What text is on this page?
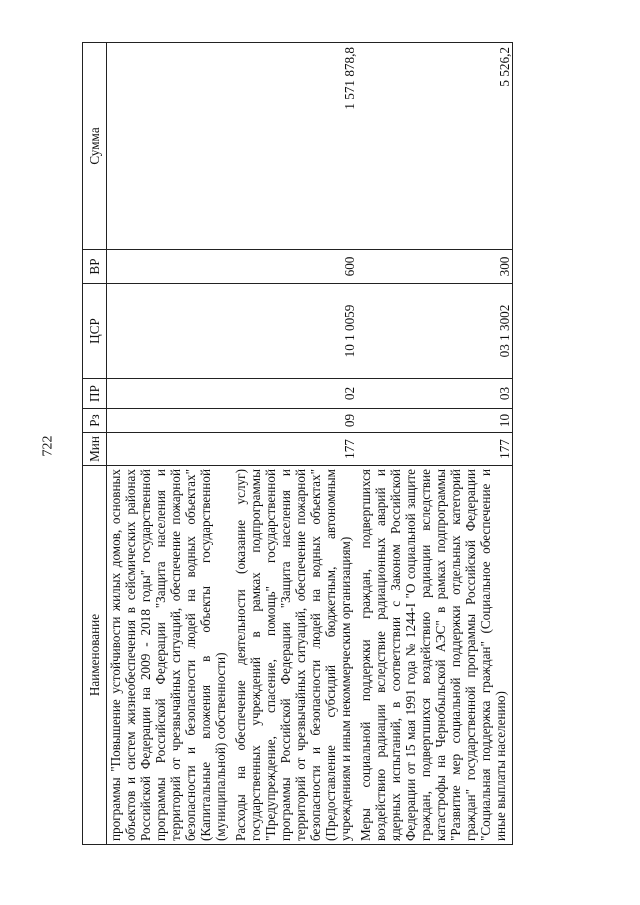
722
Наименование	Мин	Рз	ПР	ЦСР	ВР	Сумма
программы "Повышение устойчивости жилых домов, основных объектов и систем жизнеобеспечения в сейсмических районах Российской Федерации на 2009 - 2018 годы" государственной программы Российской Федерации "Защита населения и территорий от чрезвычайных ситуаций, обеспечение пожарной безопасности и безопасности людей на водных объектах" (Капитальные вложения в объекты государственной (муниципальной) собственности)						
Расходы на обеспечение деятельности (оказание услуг) государственных учреждений в рамках подпрограммы "Предупреждение, спасение, помощь" государственной программы Российской Федерации "Защита населения и территорий от чрезвычайных ситуаций, обеспечение пожарной безопасности и безопасности людей на водных объектах" (Предоставление субсидий бюджетным, автономным учреждениям и иным некоммерческим организациям)	177	09	02	10 1 0059	600	1 571 878,8
Меры социальной поддержки граждан, подвергшихся воздействию радиации вследствие радиационных аварий и ядерных испытаний, в соответствии с Законом Российской Федерации от 15 мая 1991 года № 1244-I "О социальной защите граждан, подвергшихся воздействию радиации вследствие катастрофы на Чернобыльской АЭС" в рамках подпрограммы "Развитие мер социальной поддержки отдельных категорий граждан" государственной программы Российской Федерации "Социальная поддержка граждан" (Социальное обеспечение и иные выплаты населению)	177	10	03	03 1 3002	300	5 526,2
